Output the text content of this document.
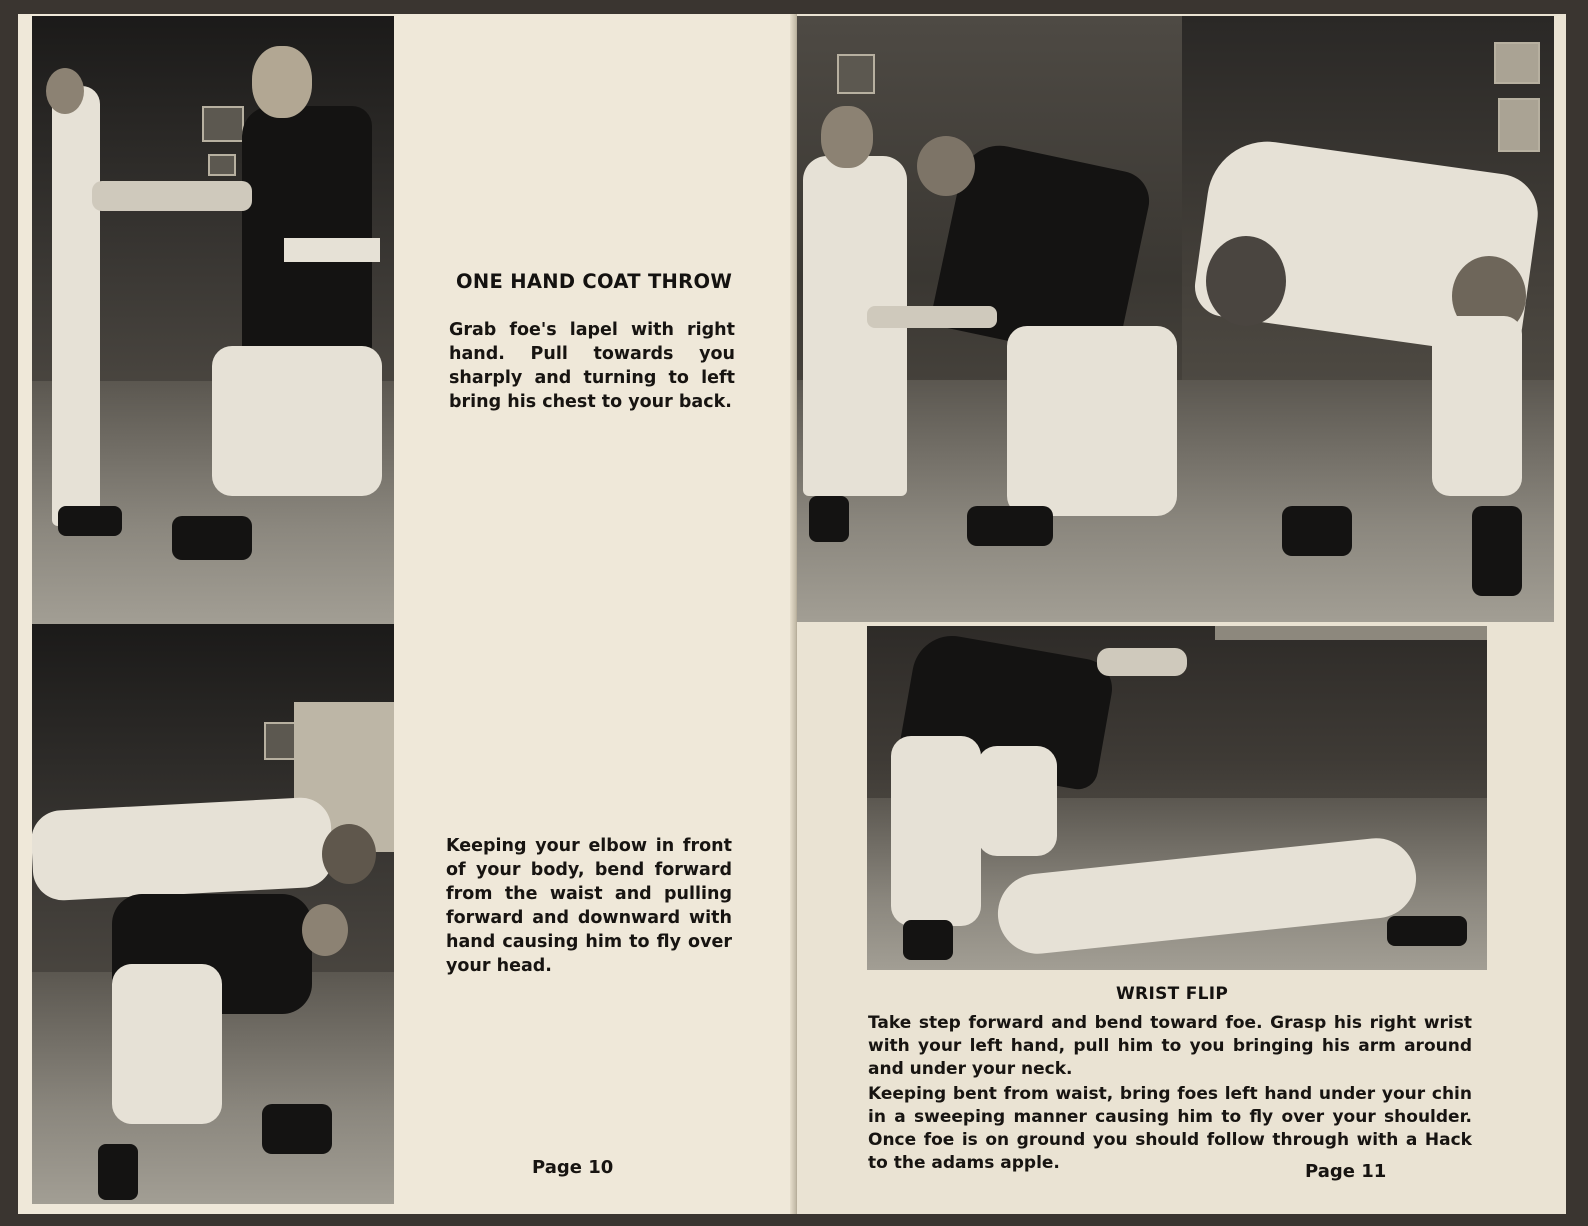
ONE HAND COAT THROW
Grab foe's lapel with right hand. Pull towards you sharply and turning to left bring his chest to your back.
Keeping your elbow in front of your body, bend forward from the waist and pulling forward and downward with hand causing him to fly over your head.
Page 10
WRIST FLIP
Take step forward and bend toward foe. Grasp his right wrist with your left hand, pull him to you bringing his arm around and under your neck.
Keeping bent from waist, bring foes left hand under your chin in a sweeping manner causing him to fly over your shoulder. Once foe is on ground you should follow through with a Hack to the adams apple.	Page 11
